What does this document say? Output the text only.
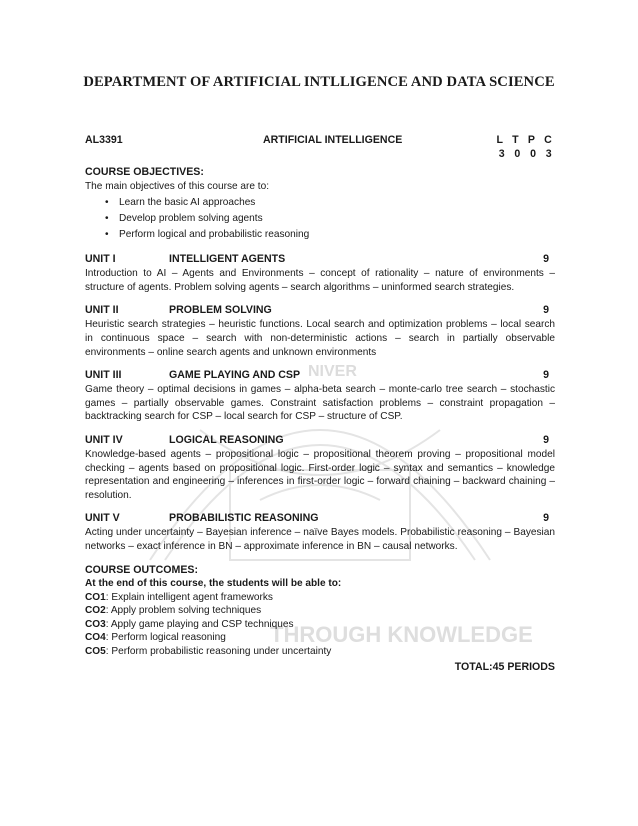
NIVER
THROUGH KNOWLEDGE
DEPARTMENT OF ARTIFICIAL INTLLIGENCE AND DATA SCIENCE
AL3391	ARTIFICIAL INTELLIGENCE	L T P C
3 0 0 3
COURSE OBJECTIVES:
The main objectives of this course are to:
• Learn the basic AI approaches
• Develop problem solving agents
• Perform logical and probabilistic reasoning
UNIT I	INTELLIGENT AGENTS	9
Introduction to AI – Agents and Environments – concept of rationality – nature of environments – structure of agents. Problem solving agents – search algorithms – uninformed search strategies.
UNIT II	PROBLEM SOLVING	9
Heuristic search strategies – heuristic functions. Local search and optimization problems – local search in continuous space – search with non-deterministic actions – search in partially observable environments – online search agents and unknown environments
UNIT III	GAME PLAYING AND CSP	9
Game theory – optimal decisions in games – alpha-beta search – monte-carlo tree search – stochastic games – partially observable games. Constraint satisfaction problems – constraint propagation – backtracking search for CSP – local search for CSP – structure of CSP.
UNIT IV	LOGICAL REASONING	9
Knowledge-based agents – propositional logic – propositional theorem proving – propositional model checking – agents based on propositional logic. First-order logic – syntax and semantics – knowledge representation and engineering – inferences in first-order logic – forward chaining – backward chaining – resolution.
UNIT V	PROBABILISTIC REASONING	9
Acting under uncertainty – Bayesian inference – naïve Bayes models. Probabilistic reasoning – Bayesian networks – exact inference in BN – approximate inference in BN – causal networks.
COURSE OUTCOMES:
At the end of this course, the students will be able to:
CO1: Explain intelligent agent frameworks
CO2: Apply problem solving techniques
CO3: Apply game playing and CSP techniques
CO4: Perform logical reasoning
CO5: Perform probabilistic reasoning under uncertainty
TOTAL:45 PERIODS
